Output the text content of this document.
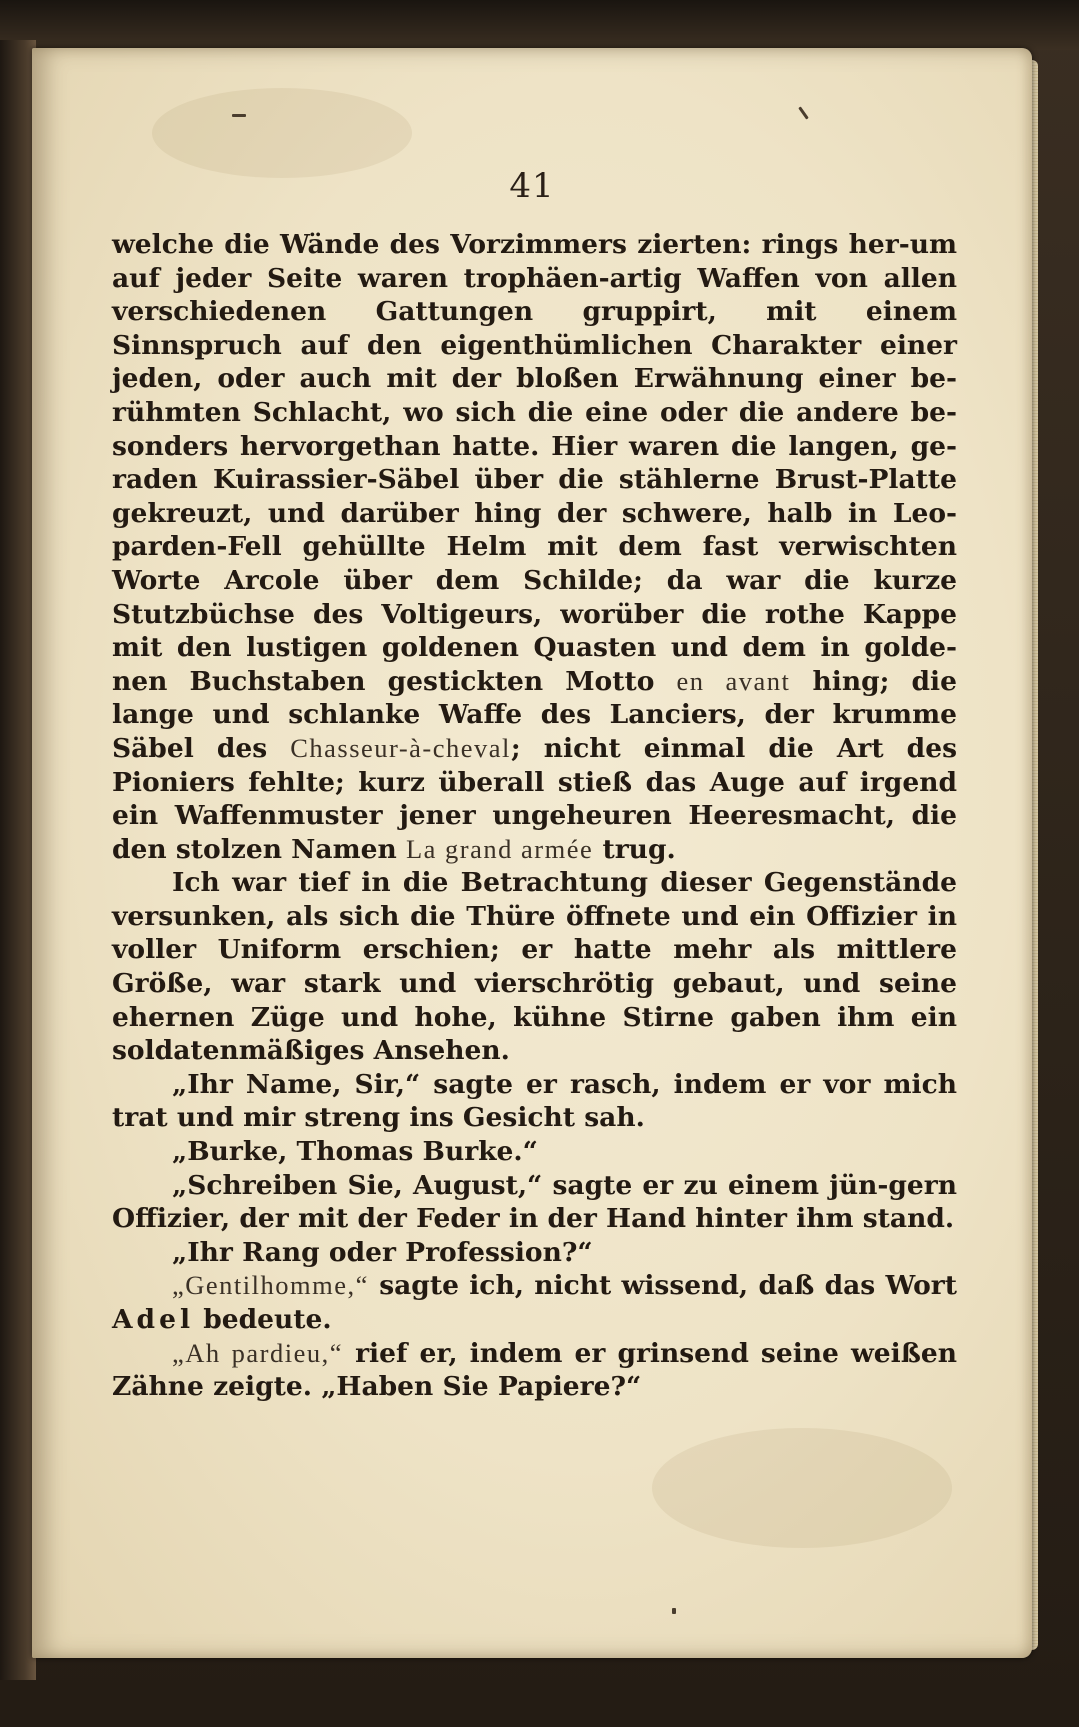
41

welche die Wände des Vorzimmers zierten: rings her-um auf jeder Seite waren trophäen-artig Waffen von allen verschiedenen Gattungen gruppirt, mit einem Sinnspruch auf den eigenthümlichen Charakter einer jeden, oder auch mit der bloßen Erwähnung einer be-rühmten Schlacht, wo sich die eine oder die andere be-sonders hervorgethan hatte. Hier waren die langen, ge-raden Kuirassier-Säbel über die stählerne Brust-Platte gekreuzt, und darüber hing der schwere, halb in Leo-parden-Fell gehüllte Helm mit dem fast verwischten Worte Arcole über dem Schilde; da war die kurze Stutzbüchse des Voltigeurs, worüber die rothe Kappe mit den lustigen goldenen Quasten und dem in golde-nen Buchstaben gestickten Motto en avant hing; die lange und schlanke Waffe des Lanciers, der krumme Säbel des Chasseur-à-cheval; nicht einmal die Art des Pioniers fehlte; kurz überall stieß das Auge auf irgend ein Waffenmuster jener ungeheuren Heeresmacht, die den stolzen Namen La grand armée trug.

Ich war tief in die Betrachtung dieser Gegenstände versunken, als sich die Thüre öffnete und ein Offizier in voller Uniform erschien; er hatte mehr als mittlere Größe, war stark und vierschrötig gebaut, und seine ehernen Züge und hohe, kühne Stirne gaben ihm ein soldatenmäßiges Ansehen.

„Ihr Name, Sir,“ sagte er rasch, indem er vor mich trat und mir streng ins Gesicht sah.

„Burke, Thomas Burke.“

„Schreiben Sie, August,“ sagte er zu einem jün-gern Offizier, der mit der Feder in der Hand hinter ihm stand.

„Ihr Rang oder Profession?“

„Gentilhomme,“ sagte ich, nicht wissend, daß das Wort Adel bedeute.

„Ah pardieu,“ rief er, indem er grinsend seine weißen Zähne zeigte. „Haben Sie Papiere?“
